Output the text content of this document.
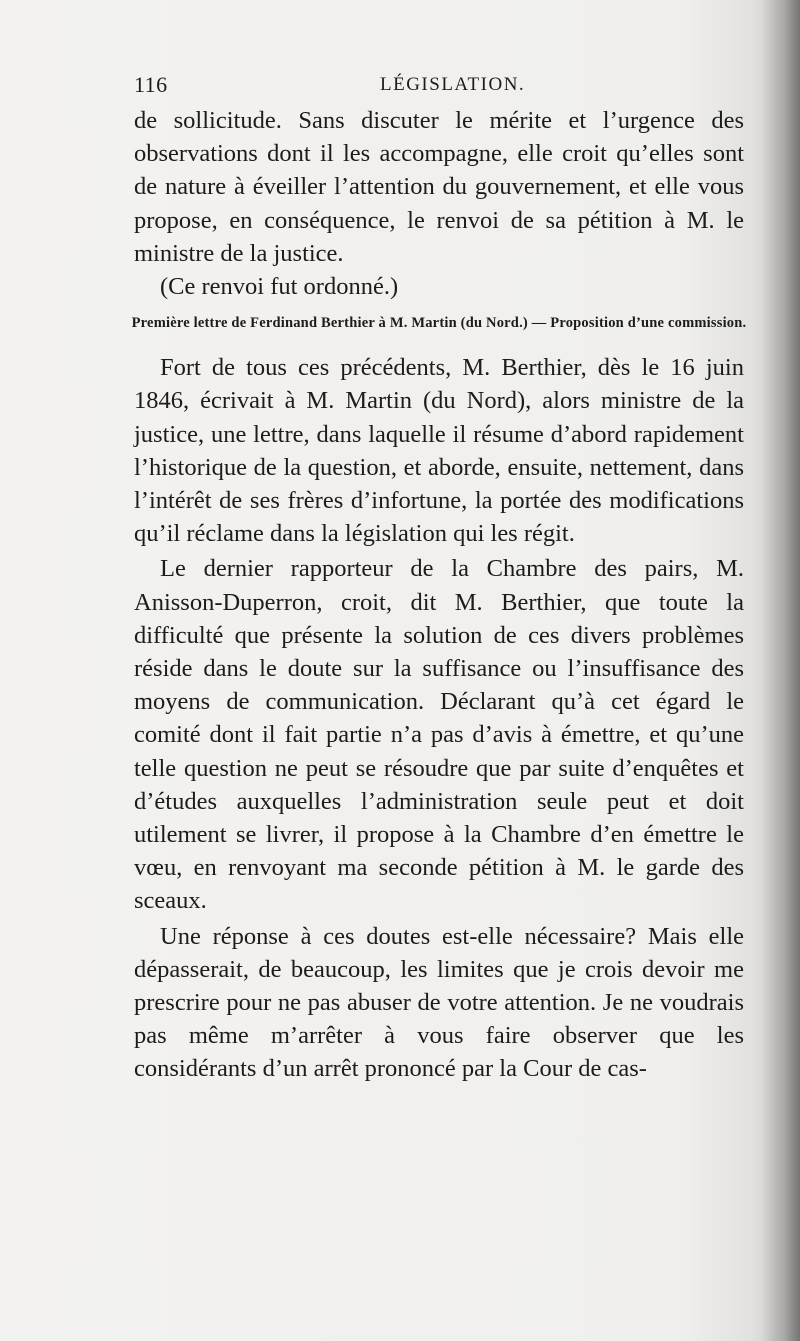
116	LÉGISLATION.

de sollicitude. Sans discuter le mérite et l’urgence des observations dont il les accompagne, elle croit qu’elles sont de nature à éveiller l’attention du gouvernement, et elle vous propose, en conséquence, le renvoi de sa pétition à M. le ministre de la justice.

(Ce renvoi fut ordonné.)

Première lettre de Ferdinand Berthier à M. Martin (du Nord.) — Proposition d’une commission.

Fort de tous ces précédents, M. Berthier, dès le 16 juin 1846, écrivait à M. Martin (du Nord), alors ministre de la justice, une lettre, dans laquelle il résume d’abord rapidement l’historique de la question, et aborde, ensuite, nettement, dans l’intérêt de ses frères d’infortune, la portée des modifications qu’il réclame dans la législation qui les régit.

Le dernier rapporteur de la Chambre des pairs, M. Anisson-Duperron, croit, dit M. Berthier, que toute la difficulté que présente la solution de ces divers problèmes réside dans le doute sur la suffisance ou l’insuffisance des moyens de communication. Déclarant qu’à cet égard le comité dont il fait partie n’a pas d’avis à émettre, et qu’une telle question ne peut se résoudre que par suite d’enquêtes et d’études auxquelles l’administration seule peut et doit utilement se livrer, il propose à la Chambre d’en émettre le vœu, en renvoyant ma seconde pétition à M. le garde des sceaux.

Une réponse à ces doutes est-elle nécessaire? Mais elle dépasserait, de beaucoup, les limites que je crois devoir me prescrire pour ne pas abuser de votre attention. Je ne voudrais pas même m’arrêter à vous faire observer que les considérants d’un arrêt prononcé par la Cour de cas-
